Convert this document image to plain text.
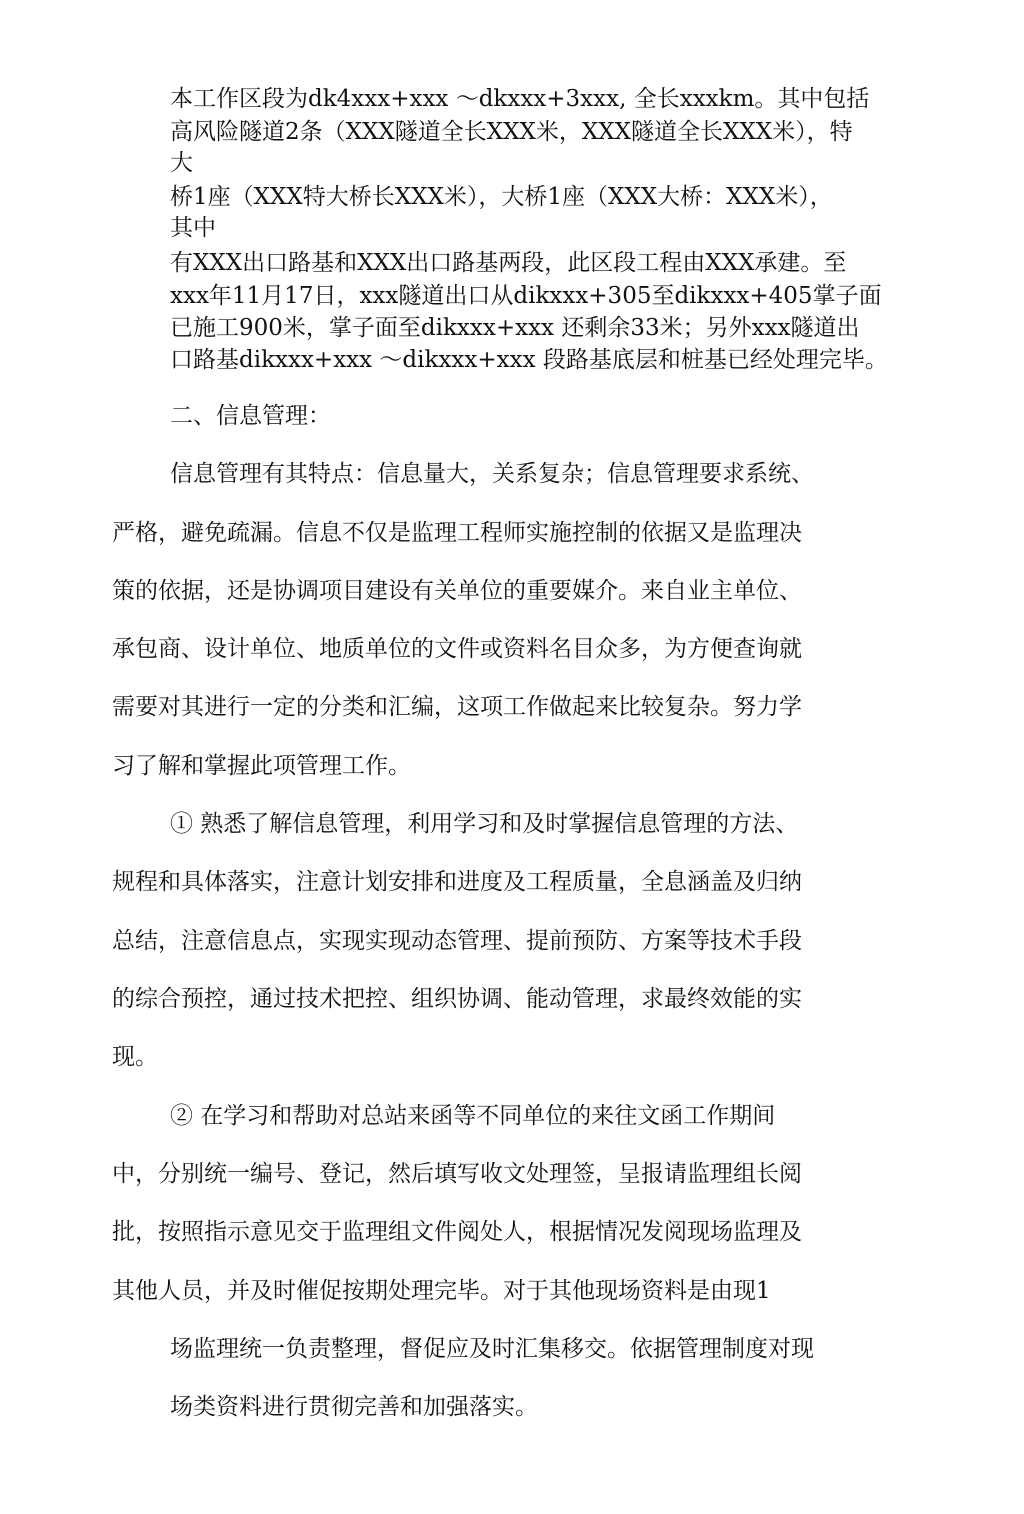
本工作区段为dk4xxx+xxx ～dkxxx+3xxx, 全长xxxkm。其中包括
高风险隧道2条（XXX隧道全长XXX米，XXX隧道全长XXX米），特
大
桥1座（XXX特大桥长XXX米），大桥1座（XXX大桥：XXX米），
其中
有XXX出口路基和XXX出口路基两段，此区段工程由XXX承建。至
xxx年11月17日，xxx隧道出口从dikxxx+305至dikxxx+405掌子面
已施工900米，掌子面至dikxxx+xxx 还剩余33米；另外xxx隧道出
口路基dikxxx+xxx ～dikxxx+xxx 段路基底层和桩基已经处理完毕。
二、信息管理：
信息管理有其特点：信息量大，关系复杂；信息管理要求系统、
严格，避免疏漏。信息不仅是监理工程师实施控制的依据又是监理决
策的依据，还是协调项目建设有关单位的重要媒介。来自业主单位、
承包商、设计单位、地质单位的文件或资料名目众多，为方便查询就
需要对其进行一定的分类和汇编，这项工作做起来比较复杂。努力学
习了解和掌握此项管理工作。
① 熟悉了解信息管理，利用学习和及时掌握信息管理的方法、
规程和具体落实，注意计划安排和进度及工程质量，全息涵盖及归纳
总结，注意信息点，实现实现动态管理、提前预防、方案等技术手段
的综合预控，通过技术把控、组织协调、能动管理，求最终效能的实
现。
② 在学习和帮助对总站来函等不同单位的来往文函工作期间
中，分别统一编号、登记，然后填写收文处理签，呈报请监理组长阅
批，按照指示意见交于监理组文件阅处人，根据情况发阅现场监理及
其他人员，并及时催促按期处理完毕。对于其他现场资料是由现1
场监理统一负责整理，督促应及时汇集移交。依据管理制度对现
场类资料进行贯彻完善和加强落实。
